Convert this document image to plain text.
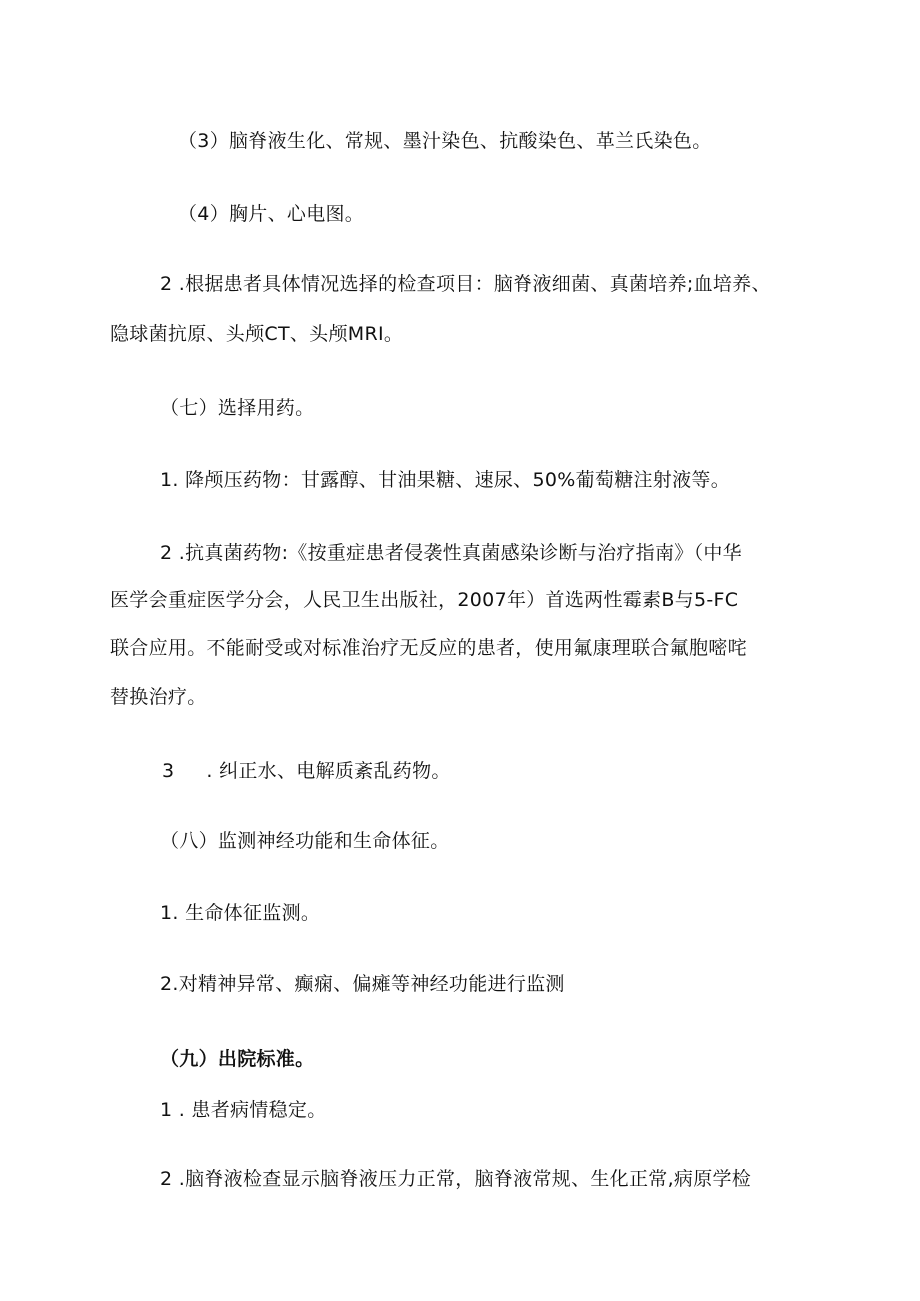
（3）脑脊液生化、常规、墨汁染色、抗酸染色、革兰氏染色。
（4）胸片、心电图。
2 .根据患者具体情况选择的检查项目：脑脊液细菌、真菌培养;血培养、
隐球菌抗原、头颅CT、头颅MRI。
（七）选择用药。
1. 降颅压药物：甘露醇、甘油果糖、速尿、50%葡萄糖注射液等。
2 .抗真菌药物:《按重症患者侵袭性真菌感染诊断与治疗指南》（中华
医学会重症医学分会，人民卫生出版社，2007年）首选两性霉素B与5-FC
联合应用。不能耐受或对标准治疗无反应的患者，使用氟康理联合氟胞嘧咤
替换治疗。
3 . 纠正水、电解质紊乱药物。
（八）监测神经功能和生命体征。
1. 生命体征监测。
2.对精神异常、癫痫、偏瘫等神经功能进行监测
（九）出院标准。
1 . 患者病情稳定。
2 .脑脊液检查显示脑脊液压力正常，脑脊液常规、生化正常,病原学检
